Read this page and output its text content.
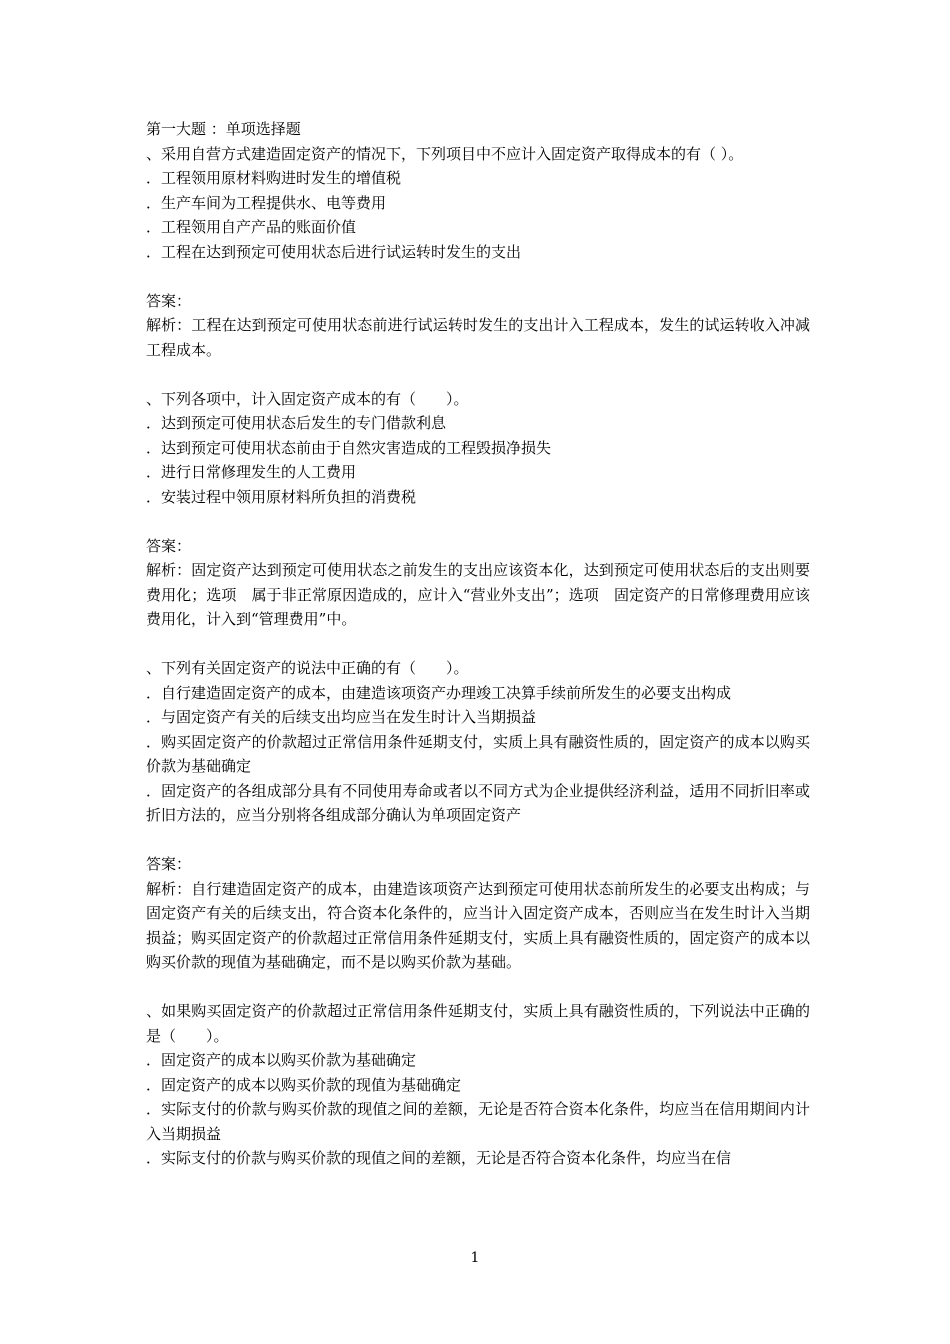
第一大题 ：单项选择题

、采用自营方式建造固定资产的情况下，下列项目中不应计入固定资产取得成本的有（ ）。

．工程领用原材料购进时发生的增值税

．生产车间为工程提供水、电等费用

．工程领用自产产品的账面价值

．工程在达到预定可使用状态后进行试运转时发生的支出

答案：

解析：工程在达到预定可使用状态前进行试运转时发生的支出计入工程成本，发生的试运转收入冲减工程成本。

、下列各项中，计入固定资产成本的有（　　）。

．达到预定可使用状态后发生的专门借款利息

．达到预定可使用状态前由于自然灾害造成的工程毁损净损失

．进行日常修理发生的人工费用

．安装过程中领用原材料所负担的消费税

答案：

解析：固定资产达到预定可使用状态之前发生的支出应该资本化，达到预定可使用状态后的支出则要费用化；选项　属于非正常原因造成的，应计入“营业外支出”；选项　固定资产的日常修理费用应该费用化，计入到“管理费用”中。

、下列有关固定资产的说法中正确的有（　　）。

．自行建造固定资产的成本，由建造该项资产办理竣工决算手续前所发生的必要支出构成

．与固定资产有关的后续支出均应当在发生时计入当期损益

．购买固定资产的价款超过正常信用条件延期支付，实质上具有融资性质的，固定资产的成本以购买价款为基础确定

．固定资产的各组成部分具有不同使用寿命或者以不同方式为企业提供经济利益，适用不同折旧率或折旧方法的，应当分别将各组成部分确认为单项固定资产

答案：

解析：自行建造固定资产的成本，由建造该项资产达到预定可使用状态前所发生的必要支出构成；与固定资产有关的后续支出，符合资本化条件的，应当计入固定资产成本，否则应当在发生时计入当期损益；购买固定资产的价款超过正常信用条件延期支付，实质上具有融资性质的，固定资产的成本以购买价款的现值为基础确定，而不是以购买价款为基础。

、如果购买固定资产的价款超过正常信用条件延期支付，实质上具有融资性质的，下列说法中正确的是（　　）。

．固定资产的成本以购买价款为基础确定

．固定资产的成本以购买价款的现值为基础确定

．实际支付的价款与购买价款的现值之间的差额，无论是否符合资本化条件，均应当在信用期间内计入当期损益

．实际支付的价款与购买价款的现值之间的差额，无论是否符合资本化条件，均应当在信

1
